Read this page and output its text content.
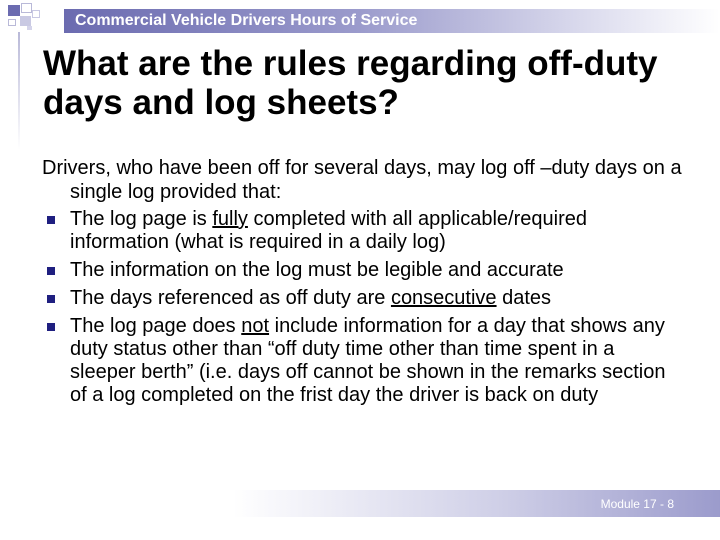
Commercial Vehicle Drivers Hours of Service
What are the rules regarding off-duty days and log sheets?

Drivers, who have been off for several days, may log off –duty days on a single log provided that:

The log page is fully completed with all applicable/required information (what is required in a daily log)
The information on the log must be legible and accurate
The days referenced as off duty are consecutive dates
The log page does not include information for a day that shows any duty status other than “off duty time other than time spent in a sleeper berth” (i.e. days off cannot be shown in the remarks section of a log completed on the frist day the driver is back on duty
Module 17 - 8
